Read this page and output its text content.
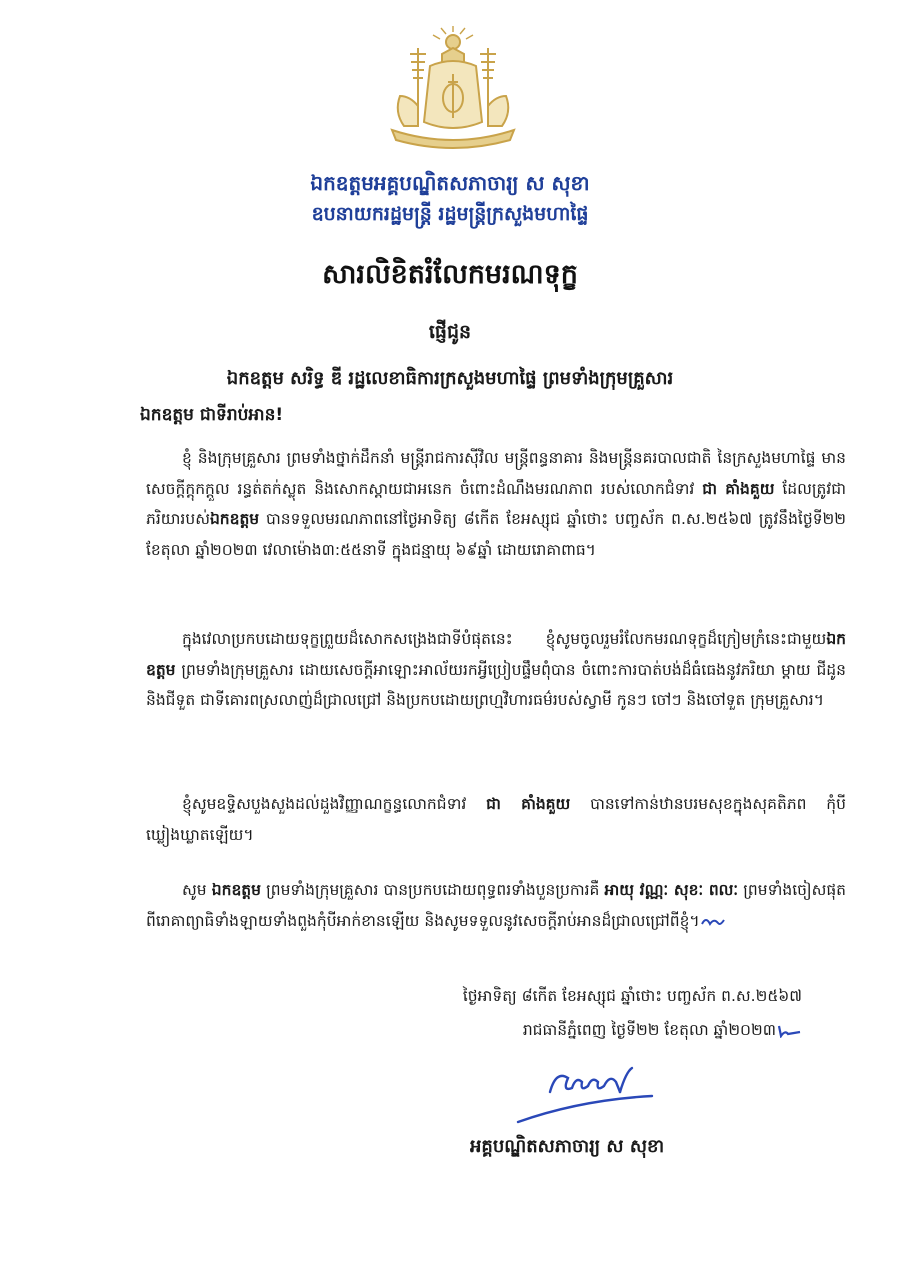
ឯកឧត្តមអគ្គបណ្ឌិតសភាចារ្យ ស សុខា
ឧបនាយករដ្ឋមន្ត្រី រដ្ឋមន្ត្រីក្រសួងមហាផ្ទៃ
សារលិខិតរំលែកមរណទុក្ខ
ផ្ញើជូន
ឯកឧត្តម សរិទ្ធ ឌី រដ្ឋលេខាធិការក្រសួងមហាផ្ទៃ ព្រមទាំងក្រុមគ្រួសារ
ឯកឧត្តម ជាទីរាប់អាន!
ខ្ញុំ និងក្រុមគ្រួសារ ព្រមទាំងថ្នាក់ដឹកនាំ មន្ត្រីរាជការស៊ីវិល មន្ត្រីពន្ធនាគារ និងមន្ត្រីនគរបាលជាតិ នៃក្រសួងមហាផ្ទៃ មានសេចក្តីក្តុកក្តួល រន្ធត់តក់ស្លុត និងសោកស្តាយជាអនេក ចំពោះដំណឹងមរណភាព របស់លោកជំទាវ ជា គាំងគួយ ដែលត្រូវជាភរិយារបស់ឯកឧត្តម បានទទួលមរណភាពនៅថ្ងៃអាទិត្យ ៨កើត ខែអស្សុជ ឆ្នាំថោះ បញ្ចស័ក ព.ស.២៥៦៧ ត្រូវនឹងថ្ងៃទី២២ ខែតុលា ឆ្នាំ២០២៣ វេលាម៉ោង៣:៥៥នាទី ក្នុងជន្មាយុ ៦៩ឆ្នាំ ដោយរោគាពាធ។
ក្នុងវេលាប្រកបដោយទុក្ខព្រួយដ៏សោកសង្រេងជាទីបំផុតនេះ ខ្ញុំសូមចូលរួមរំលែកមរណទុក្ខដ៏ក្រៀមក្រំនេះជាមួយឯកឧត្តម ព្រមទាំងក្រុមគ្រួសារ ដោយសេចក្តីអាឡោះអាល័យរកអ្វីប្រៀបផ្ទឹមពុំបាន ចំពោះការបាត់បង់ដ៏ធំធេងនូវភរិយា ម្តាយ ជីដូន និងជីទួត ជាទីគោរពស្រលាញ់ដ៏ជ្រាលជ្រៅ និងប្រកបដោយព្រហ្មវិហារធម៌របស់ស្វាមី កូនៗ ចៅៗ និងចៅទួត ក្រុមគ្រួសារ។
ខ្ញុំសូមឧទ្ទិសបួងសួងដល់ដួងវិញ្ញាណក្ខន្ធលោកជំទាវ ជា គាំងគួយ បានទៅកាន់ឋានបរមសុខក្នុងសុគតិភព កុំបីឃ្លៀងឃ្លាតឡើយ។
សូម ឯកឧត្តម ព្រមទាំងក្រុមគ្រួសារ បានប្រកបដោយពុទ្ធពរទាំងបួនប្រការគឺ អាយុ វណ្ណៈ សុខៈ ពលៈ ព្រមទាំងចៀសផុតពីរោគាព្យាធិទាំងឡាយទាំងពួងកុំបីអាក់ខានឡើយ និងសូមទទួលនូវសេចក្តីរាប់អានដ៏ជ្រាលជ្រៅពីខ្ញុំ។
ថ្ងៃអាទិត្យ ៨កើត ខែអស្សុជ ឆ្នាំថោះ បញ្ចស័ក ព.ស.២៥៦៧
រាជធានីភ្នំពេញ ថ្ងៃទី២២ ខែតុលា ឆ្នាំ២០២៣
អគ្គបណ្ឌិតសភាចារ្យ ស សុខា
